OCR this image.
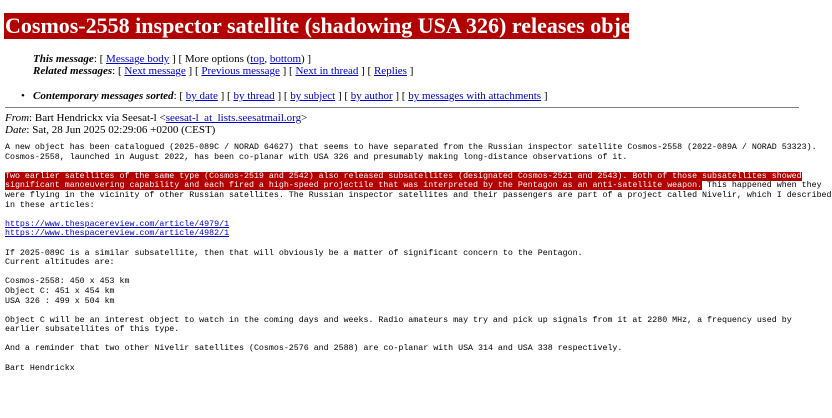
Cosmos-2558 inspector satellite (shadowing USA 326) releases object
This message: [ Message body ] [ More options (top, bottom) ]
Related messages: [ Next message ] [ Previous message ] [ Next in thread ] [ Replies ]
• Contemporary messages sorted: [ by date ] [ by thread ] [ by subject ] [ by author ] [ by messages with attachments ]
From: Bart Hendrickx via Seesat-l <seesat-l_at_lists.seesatmail.org>
Date: Sat, 28 Jun 2025 02:29:06 +0200 (CEST)
A new object has been catalogued (2025-089C / NORAD 64627) that seems to have separated from the Russian inspector satellite Cosmos-2558 (2022-089A / NORAD 53323).
Cosmos-2558, launched in August 2022, has been co-planar with USA 326 and presumably making long-distance observations of it.
Two earlier satellites of the same type (Cosmos-2519 and 2542) also released subsatellites (designated Cosmos-2521 and 2543). Both of those subsatellites showed
significant manoeuvering capability and each fired a high-speed projectile that was interpreted by the Pentagon as an anti-satellite weapon. This happened when they
were flying in the vicinity of other Russian satellites. The Russian inspector satellites and their passengers are part of a project called Nivelir, which I described
in these articles:
https://www.thespacereview.com/article/4979/1
https://www.thespacereview.com/article/4982/1
If 2025-089C is a similar subsatellite, then that will obviously be a matter of significant concern to the Pentagon.
Current altitudes are:
Cosmos-2558: 450 x 453 km
Object C: 451 x 454 km
USA 326 : 499 x 504 km
Object C will be an interest object to watch in the coming days and weeks. Radio amateurs may try and pick up signals from it at 2280 MHz, a frequency used by
earlier subsatellites of this type.
And a reminder that two other Nivelir satellites (Cosmos-2576 and 2588) are co-planar with USA 314 and USA 338 respectively.
Bart Hendrickx
